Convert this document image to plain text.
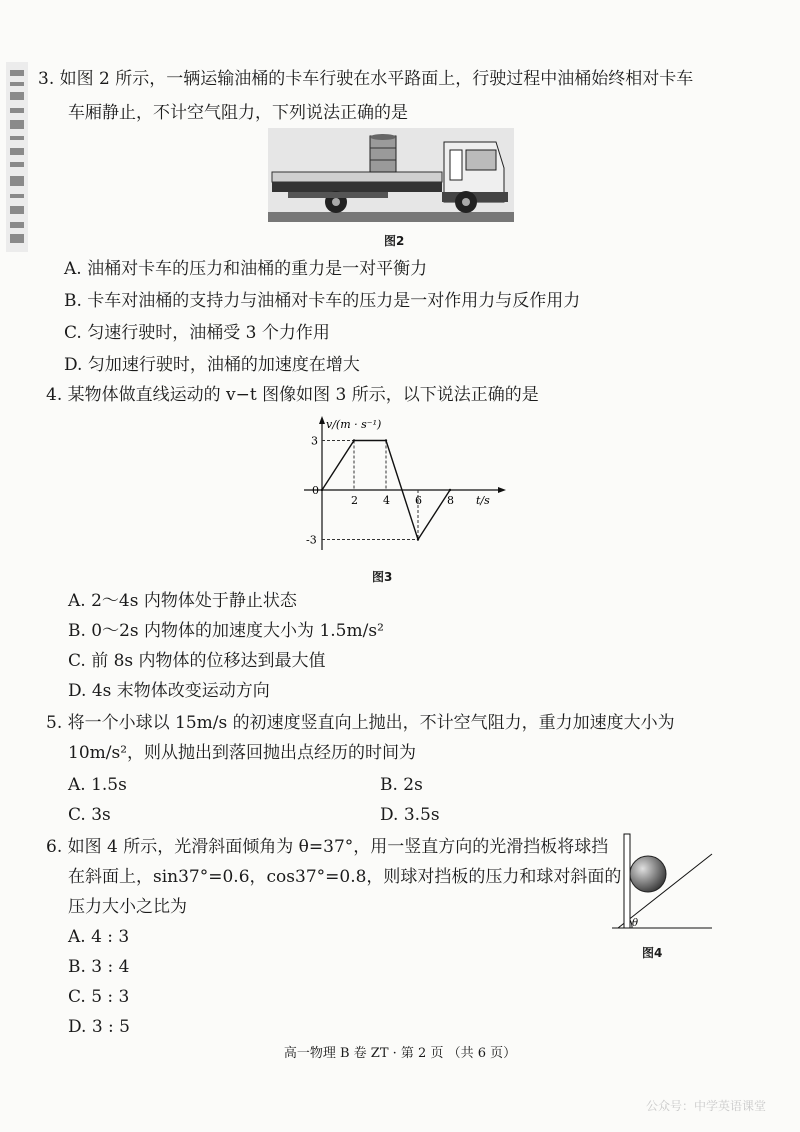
3. 如图 2 所示，一辆运输油桶的卡车行驶在水平路面上，行驶过程中油桶始终相对卡车
车厢静止，不计空气阻力，下列说法正确的是
图2
A. 油桶对卡车的压力和油桶的重力是一对平衡力
B. 卡车对油桶的支持力与油桶对卡车的压力是一对作用力与反作用力
C. 匀速行驶时，油桶受 3 个力作用
D. 匀加速行驶时，油桶的加速度在增大
4. 某物体做直线运动的 v−t 图像如图 3 所示，以下说法正确的是
v/(m · s⁻¹)
t/s
0
2 4 6 8
3
-3
图3
A. 2～4s 内物体处于静止状态
B. 0～2s 内物体的加速度大小为 1.5m/s²
C. 前 8s 内物体的位移达到最大值
D. 4s 末物体改变运动方向
5. 将一个小球以 15m/s 的初速度竖直向上抛出，不计空气阻力，重力加速度大小为
10m/s²，则从抛出到落回抛出点经历的时间为
A. 1.5s	B. 2s
C. 3s	D. 3.5s
6. 如图 4 所示，光滑斜面倾角为 θ=37°，用一竖直方向的光滑挡板将球挡
在斜面上，sin37°=0.6，cos37°=0.8，则球对挡板的压力和球对斜面的
压力大小之比为
A. 4 : 3
B. 3 : 4
C. 5 : 3
D. 3 : 5
θ
图4
高一物理 B 卷 ZT · 第 2 页 （共 6 页）
公众号：中学英语课堂
